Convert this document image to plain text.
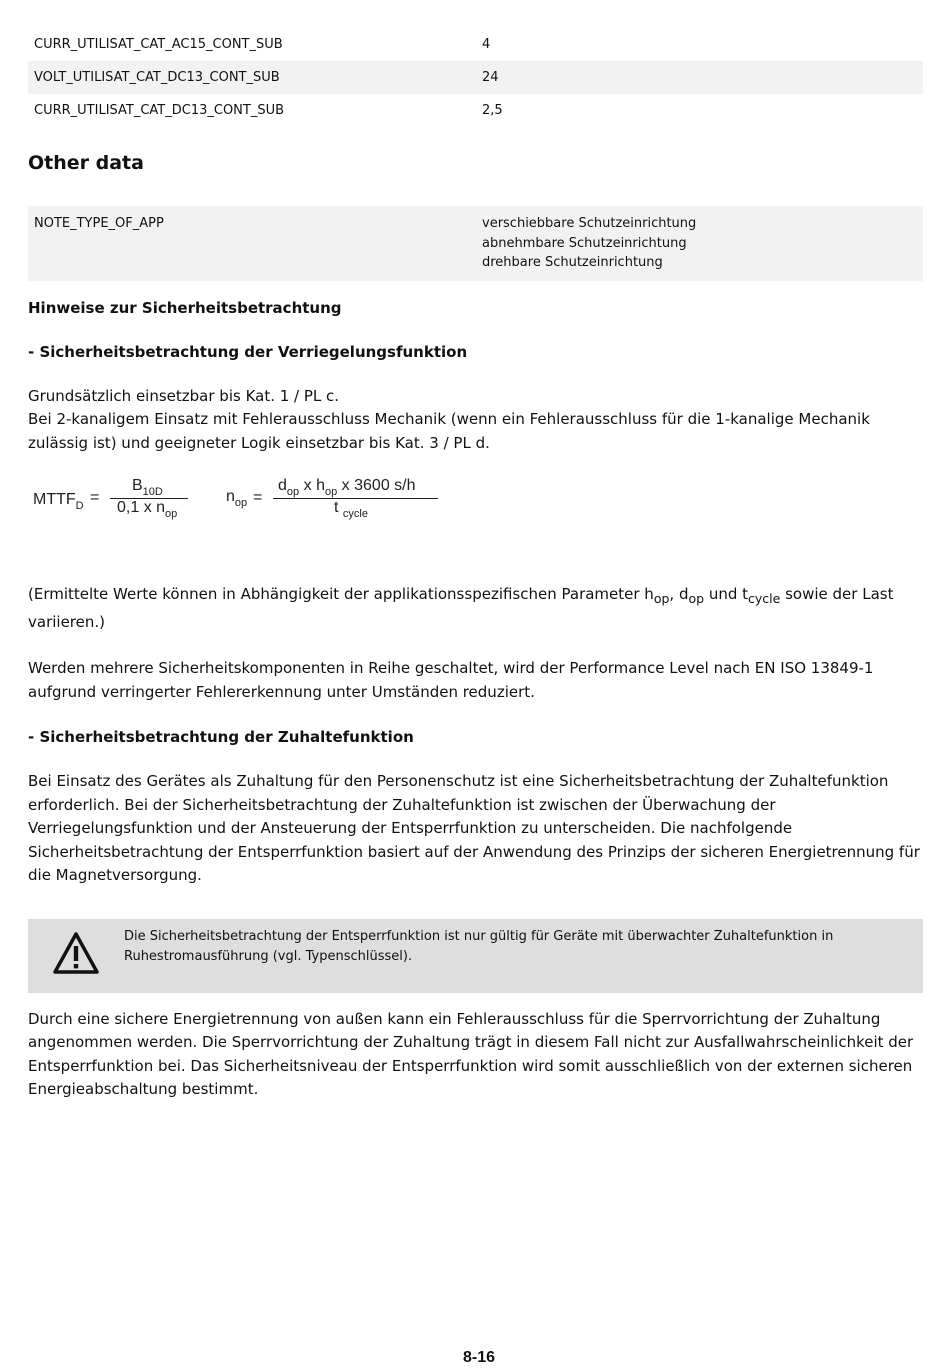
CURR_UTILISAT_CAT_AC15_CONT_SUB	4
VOLT_UTILISAT_CAT_DC13_CONT_SUB	24
CURR_UTILISAT_CAT_DC13_CONT_SUB	2,5
Other data
NOTE_TYPE_OF_APP	verschiebbare Schutzeinrichtung
abnehmbare Schutzeinrichtung
drehbare Schutzeinrichtung
Hinweise zur Sicherheitsbetrachtung
- Sicherheitsbetrachtung der Verriegelungsfunktion

Grundsätzlich einsetzbar bis Kat. 1 / PL c.

Bei 2-kanaligem Einsatz mit Fehlerausschluss Mechanik (wenn ein Fehlerausschluss für die 1-kanalige Mechanik zulässig ist) und geeigneter Logik einsetzbar bis Kat. 3 / PL d.

$MTTF_D$ =
$B_{10D}$
0,1 x $n_{op}$
$n_{op}$ =
$d_{op}$ x $h_{op}$ x 3600 s/h
t $_{cycle}$

(Ermittelte Werte können in Abhängigkeit der applikationsspezifischen Parameter $h_{op}$, $d_{op}$ und $t_{cycle}$ sowie der Last variieren.)

Werden mehrere Sicherheitskomponenten in Reihe geschaltet, wird der Performance Level nach EN ISO 13849-1 aufgrund verringerter Fehlererkennung unter Umständen reduziert.

- Sicherheitsbetrachtung der Zuhaltefunktion

Bei Einsatz des Gerätes als Zuhaltung für den Personenschutz ist eine Sicherheitsbetrachtung der Zuhaltefunktion erforderlich. Bei der Sicherheitsbetrachtung der Zuhaltefunktion ist zwischen der Überwachung der Verriegelungsfunktion und der Ansteuerung der Entsperrfunktion zu unterscheiden. Die nachfolgende Sicherheitsbetrachtung der Entsperrfunktion basiert auf der Anwendung des Prinzips der sicheren Energietrennung für die Magnetversorgung.

Die Sicherheitsbetrachtung der Entsperrfunktion ist nur gültig für Geräte mit überwachter Zuhaltefunktion in Ruhestromausführung (vgl. Typenschlüssel).

Durch eine sichere Energietrennung von außen kann ein Fehlerausschluss für die Sperrvorrichtung der Zuhaltung angenommen werden. Die Sperrvorrichtung der Zuhaltung trägt in diesem Fall nicht zur Ausfallwahrscheinlichkeit der Entsperrfunktion bei. Das Sicherheitsniveau der Entsperrfunktion wird somit ausschließlich von der externen sicheren Energieabschaltung bestimmt.

8-16
